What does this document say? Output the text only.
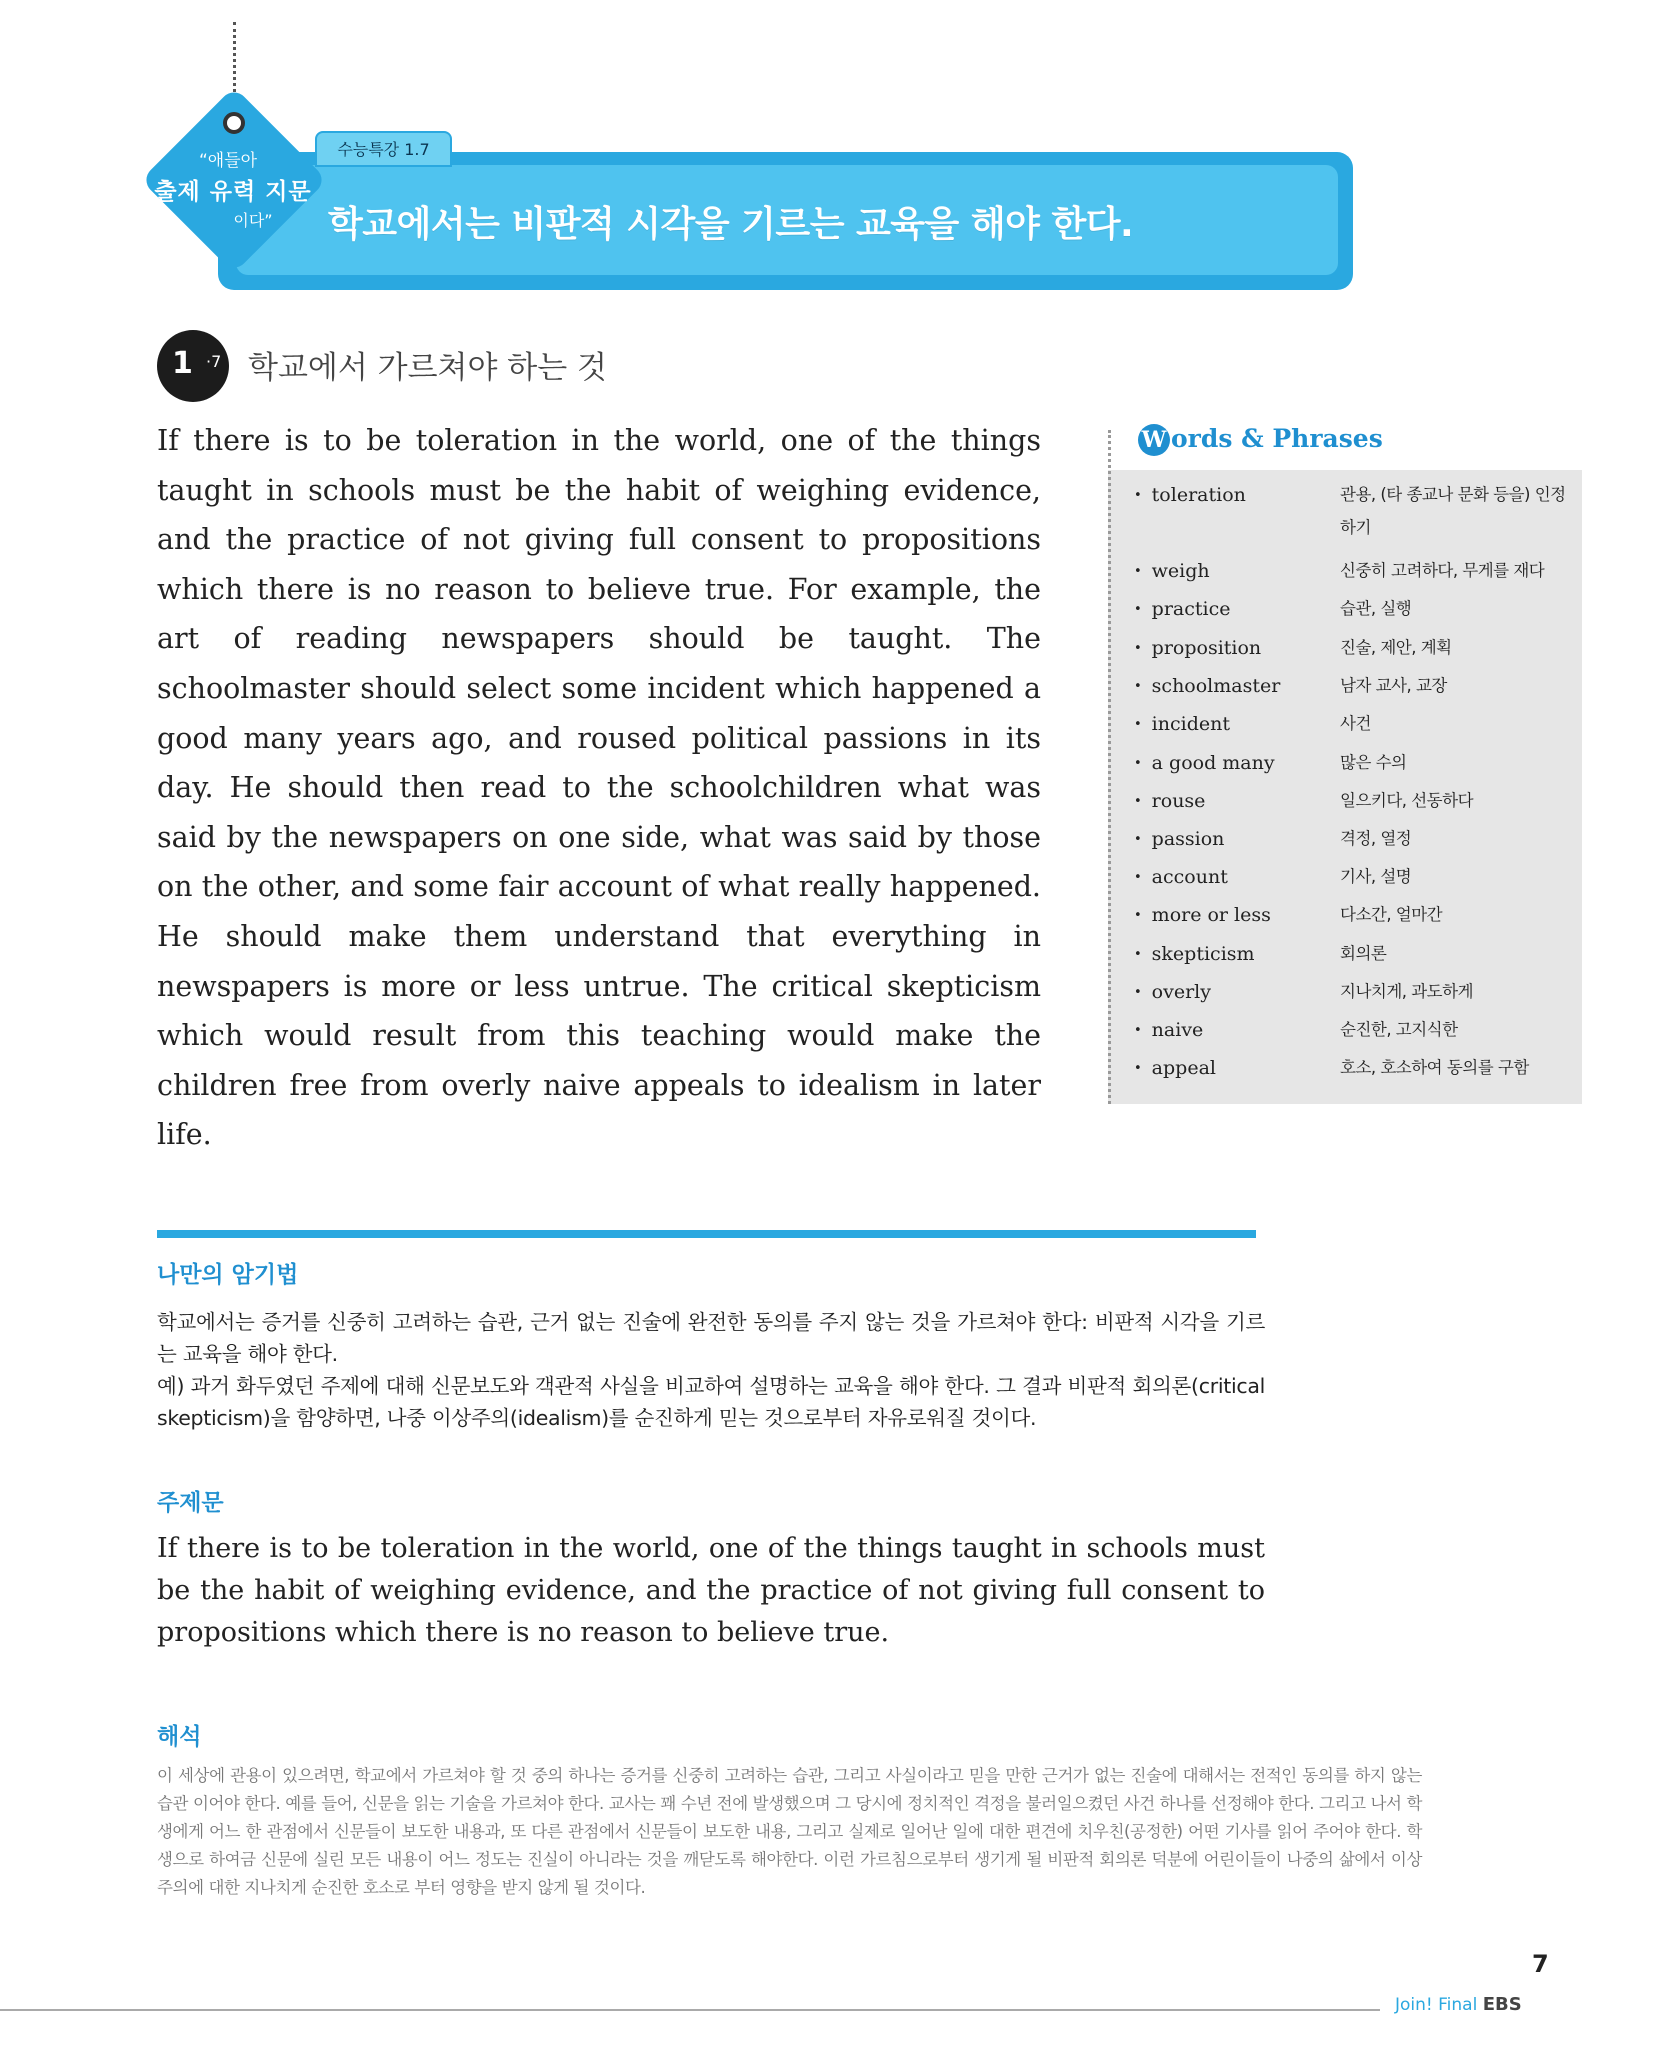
“애들아
출제 유력 지문
이다”
수능특강 1.7
학교에서는 비판적 시각을 기르는 교육을 해야 한다.
1 ·7 학교에서 가르쳐야 하는 것
If there is to be toleration in the world, one of the things taught in schools must be the habit of weighing evidence, and the practice of not giving full consent to propositions which there is no reason to believe true. For example, the art of reading newspapers should be taught. The schoolmaster should select some incident which happened a good many years ago, and roused political passions in its day. He should then read to the schoolchildren what was said by the newspapers on one side, what was said by those on the other, and some fair account of what really happened. He should make them understand that everything in newspapers is more or less untrue. The critical skepticism which would result from this teaching would make the children free from overly naive appeals to idealism in later life.
W ords & Phrases
• toleration	관용, (타 종교나 문화 등을) 인정하기
• weigh	신중히 고려하다, 무게를 재다
• practice	습관, 실행
• proposition	진술, 제안, 계획
• schoolmaster	남자 교사, 교장
• incident	사건
• a good many	많은 수의
• rouse	일으키다, 선동하다
• passion	격정, 열정
• account	기사, 설명
• more or less	다소간, 얼마간
• skepticism	회의론
• overly	지나치게, 과도하게
• naive	순진한, 고지식한
• appeal	호소, 호소하여 동의를 구함
나만의 암기법
학교에서는 증거를 신중히 고려하는 습관, 근거 없는 진술에 완전한 동의를 주지 않는 것을 가르쳐야 한다: 비판적 시각을 기르는 교육을 해야 한다.
예) 과거 화두였던 주제에 대해 신문보도와 객관적 사실을 비교하여 설명하는 교육을 해야 한다. 그 결과 비판적 회의론(critical skepticism)을 함양하면, 나중 이상주의(idealism)를 순진하게 믿는 것으로부터 자유로워질 것이다.
주제문
If there is to be toleration in the world, one of the things taught in schools must be the habit of weighing evidence, and the practice of not giving full consent to propositions which there is no reason to believe true.
해석
이 세상에 관용이 있으려면, 학교에서 가르쳐야 할 것 중의 하나는 증거를 신중히 고려하는 습관, 그리고 사실이라고 믿을 만한 근거가 없는 진술에 대해서는 전적인 동의를 하지 않는 습관 이어야 한다. 예를 들어, 신문을 읽는 기술을 가르쳐야 한다. 교사는 꽤 수년 전에 발생했으며 그 당시에 정치적인 격정을 불러일으켰던 사건 하나를 선정해야 한다. 그리고 나서 학생에게 어느 한 관점에서 신문들이 보도한 내용과, 또 다른 관점에서 신문들이 보도한 내용, 그리고 실제로 일어난 일에 대한 편견에 치우친(공정한) 어떤 기사를 읽어 주어야 한다. 학생으로 하여금 신문에 실린 모든 내용이 어느 정도는 진실이 아니라는 것을 깨닫도록 해야한다. 이런 가르침으로부터 생기게 될 비판적 회의론 덕분에 어린이들이 나중의 삶에서 이상주의에 대한 지나치게 순진한 호소로 부터 영향을 받지 않게 될 것이다.
Join! Final EBS
7
